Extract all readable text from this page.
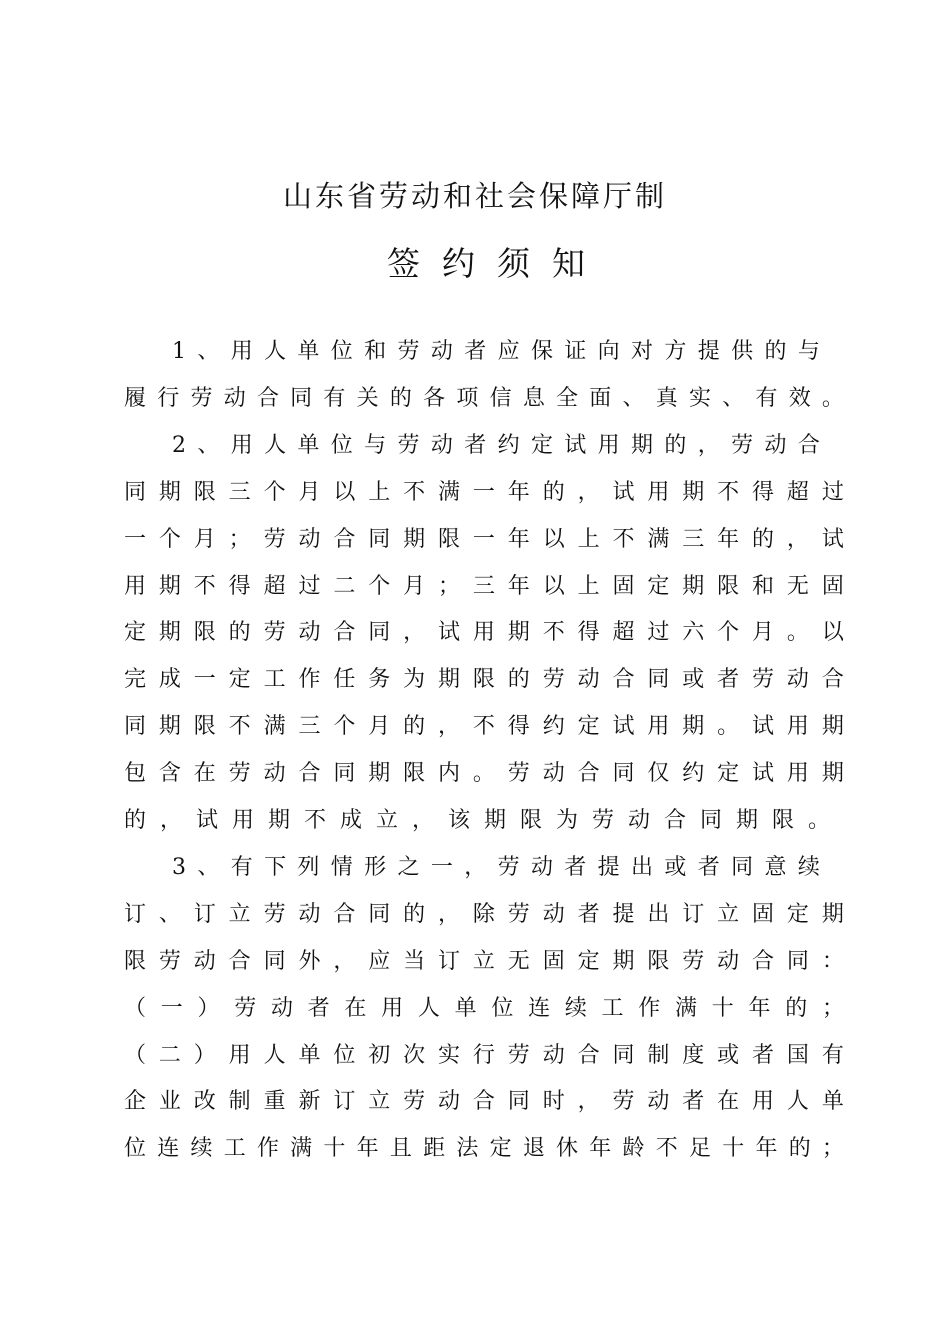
山东省劳动和社会保障厅制
签约须知
1 、 用 人 单 位 和 劳 动 者 应 保 证 向 对 方 提 供 的 与
履 行 劳 动 合 同 有 关 的 各 项 信 息 全 面 、 真 实 、 有 效 。
2 、 用 人 单 位 与 劳 动 者 约 定 试 用 期 的 ， 劳 动 合
同 期 限 三 个 月 以 上 不 满 一 年 的 ， 试 用 期 不 得 超 过
一 个 月 ； 劳 动 合 同 期 限 一 年 以 上 不 满 三 年 的 ， 试
用 期 不 得 超 过 二 个 月 ； 三 年 以 上 固 定 期 限 和 无 固
定 期 限 的 劳 动 合 同 ， 试 用 期 不 得 超 过 六 个 月 。 以
完 成 一 定 工 作 任 务 为 期 限 的 劳 动 合 同 或 者 劳 动 合
同 期 限 不 满 三 个 月 的 ， 不 得 约 定 试 用 期 。 试 用 期
包 含 在 劳 动 合 同 期 限 内 。 劳 动 合 同 仅 约 定 试 用 期
的 ， 试 用 期 不 成 立 ， 该 期 限 为 劳 动 合 同 期 限 。
3 、 有 下 列 情 形 之 一 ， 劳 动 者 提 出 或 者 同 意 续
订 、 订 立 劳 动 合 同 的 ， 除 劳 动 者 提 出 订 立 固 定 期
限 劳 动 合 同 外 ， 应 当 订 立 无 固 定 期 限 劳 动 合 同 ：
（ 一 ） 劳 动 者 在 用 人 单 位 连 续 工 作 满 十 年 的 ；
（ 二 ） 用 人 单 位 初 次 实 行 劳 动 合 同 制 度 或 者 国 有
企 业 改 制 重 新 订 立 劳 动 合 同 时 ， 劳 动 者 在 用 人 单
位 连 续 工 作 满 十 年 且 距 法 定 退 休 年 龄 不 足 十 年 的 ；
